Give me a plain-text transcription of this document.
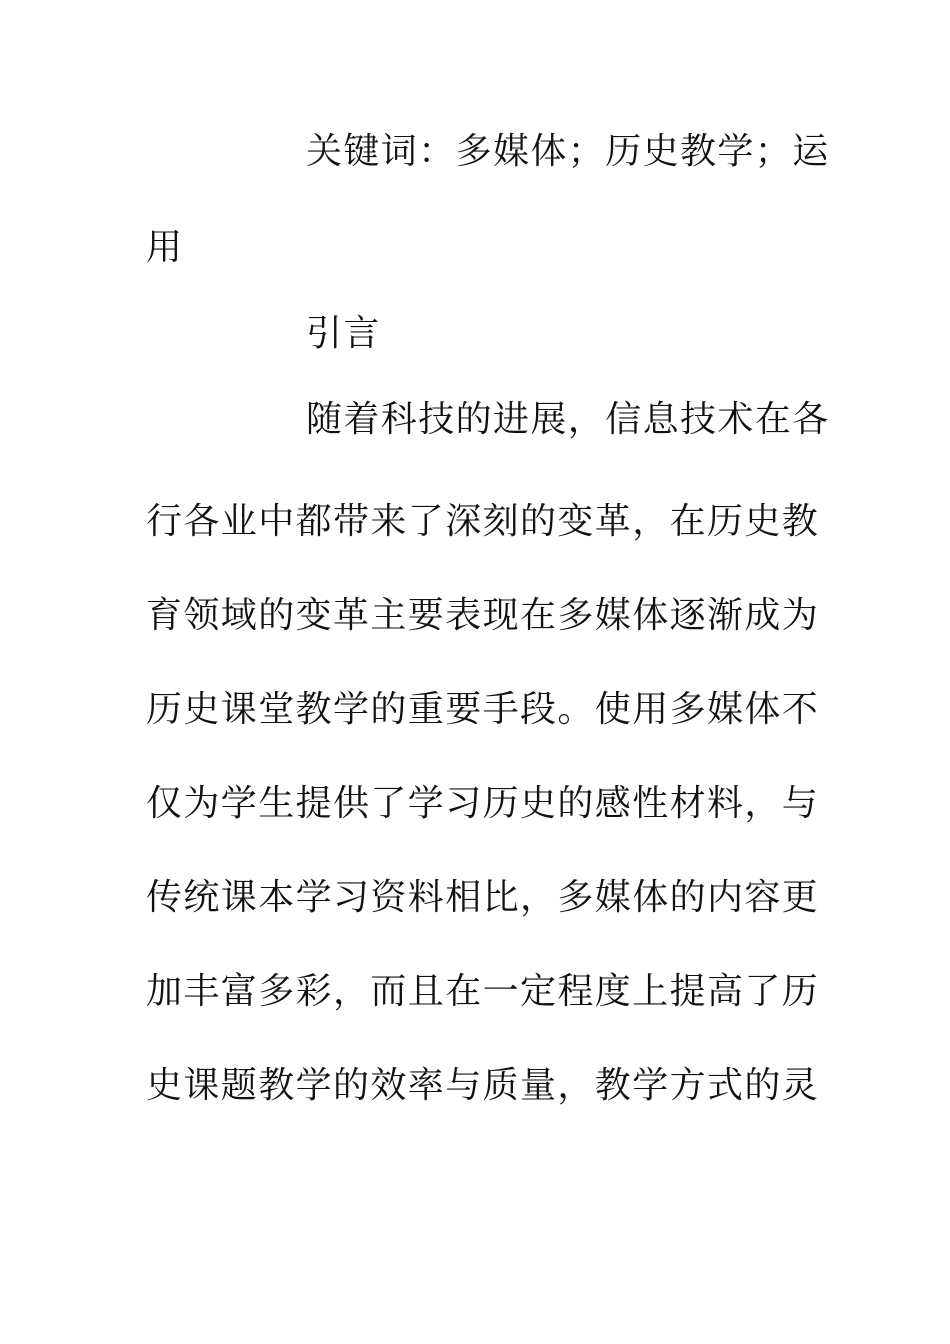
关键词：多媒体；历史教学；运
用
引言
随着科技的进展，信息技术在各
行各业中都带来了深刻的变革，在历史教
育领域的变革主要表现在多媒体逐渐成为
历史课堂教学的重要手段。使用多媒体不
仅为学生提供了学习历史的感性材料，与
传统课本学习资料相比，多媒体的内容更
加丰富多彩，而且在一定程度上提高了历
史课题教学的效率与质量，教学方式的灵
